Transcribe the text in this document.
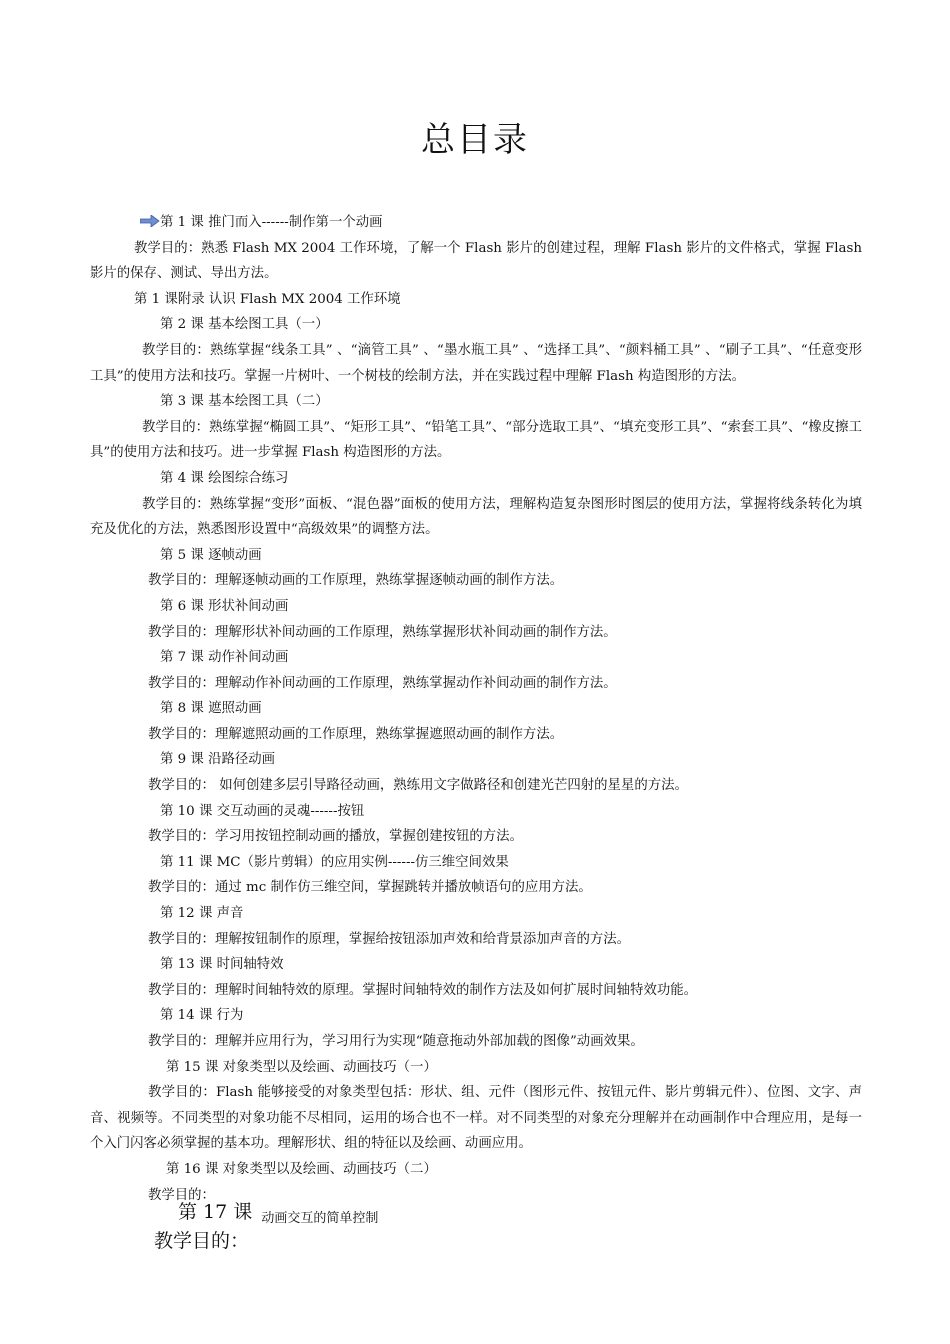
总目录
第 1 课 推门而入------制作第一个动画
教学目的：熟悉 Flash MX 2004 工作环境，了解一个 Flash 影片的创建过程，理解 Flash 影片的文件格式，掌握 Flash 影片的保存、测试、导出方法。
第 1 课附录 认识 Flash MX 2004 工作环境
第 2 课 基本绘图工具（一）
教学目的：熟练掌握“线条工具” 、“滴管工具” 、“墨水瓶工具” 、“选择工具”、“颜料桶工具” 、“刷子工具”、“任意变形工具”的使用方法和技巧。掌握一片树叶、一个树枝的绘制方法，并在实践过程中理解 Flash 构造图形的方法。
第 3 课 基本绘图工具（二）
教学目的：熟练掌握“椭圆工具”、“矩形工具”、“铅笔工具”、“部分选取工具”、“填充变形工具”、“索套工具”、“橡皮擦工具”的使用方法和技巧。进一步掌握 Flash 构造图形的方法。
第 4 课 绘图综合练习
教学目的：熟练掌握“变形”面板、“混色器”面板的使用方法，理解构造复杂图形时图层的使用方法，掌握将线条转化为填充及优化的方法，熟悉图形设置中“高级效果”的调整方法。
第 5 课 逐帧动画
教学目的：理解逐帧动画的工作原理，熟练掌握逐帧动画的制作方法。
第 6 课 形状补间动画
教学目的：理解形状补间动画的工作原理，熟练掌握形状补间动画的制作方法。
第 7 课 动作补间动画
教学目的：理解动作补间动画的工作原理，熟练掌握动作补间动画的制作方法。
第 8 课 遮照动画
教学目的：理解遮照动画的工作原理，熟练掌握遮照动画的制作方法。
第 9 课 沿路径动画
教学目的： 如何创建多层引导路径动画，熟练用文字做路径和创建光芒四射的星星的方法。
第 10 课 交互动画的灵魂------按钮
教学目的：学习用按钮控制动画的播放，掌握创建按钮的方法。
第 11 课 MC（影片剪辑）的应用实例------仿三维空间效果
教学目的：通过 mc 制作仿三维空间，掌握跳转并播放帧语句的应用方法。
第 12 课 声音
教学目的：理解按钮制作的原理，掌握给按钮添加声效和给背景添加声音的方法。
第 13 课 时间轴特效
教学目的：理解时间轴特效的原理。掌握时间轴特效的制作方法及如何扩展时间轴特效功能。
第 14 课 行为
教学目的：理解并应用行为，学习用行为实现“随意拖动外部加载的图像”动画效果。
第 15 课 对象类型以及绘画、动画技巧（一）
教学目的：Flash 能够接受的对象类型包括：形状、组、元件（图形元件、按钮元件、影片剪辑元件）、位图、文字、声音、视频等。不同类型的对象功能不尽相同，运用的场合也不一样。对不同类型的对象充分理解并在动画制作中合理应用，是每一个入门闪客必须掌握的基本功。理解形状、组的特征以及绘画、动画应用。
第 16 课 对象类型以及绘画、动画技巧（二）
教学目的：
第 17 课 $_{动画交互的简单控制}$
教学目的：
